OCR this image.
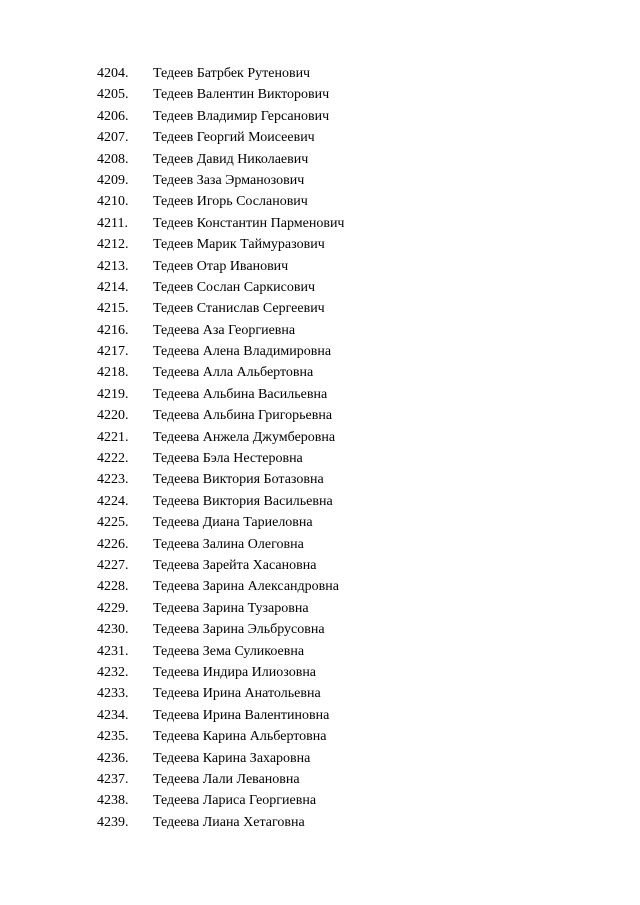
4204.	Тедеев Батрбек Рутенович
4205.	Тедеев Валентин Викторович
4206.	Тедеев Владимир Герсанович
4207.	Тедеев Георгий Моисеевич
4208.	Тедеев Давид Николаевич
4209.	Тедеев Заза Эрманозович
4210.	Тедеев Игорь Сосланович
4211.	Тедеев Константин Парменович
4212.	Тедеев Марик Таймуразович
4213.	Тедеев Отар Иванович
4214.	Тедеев Сослан Саркисович
4215.	Тедеев Станислав Сергеевич
4216.	Тедеева Аза Георгиевна
4217.	Тедеева Алена Владимировна
4218.	Тедеева Алла Альбертовна
4219.	Тедеева Альбина Васильевна
4220.	Тедеева Альбина Григорьевна
4221.	Тедеева Анжела Джумберовна
4222.	Тедеева Бэла Нестеровна
4223.	Тедеева Виктория Ботазовна
4224.	Тедеева Виктория Васильевна
4225.	Тедеева Диана Тариеловна
4226.	Тедеева Залина Олеговна
4227.	Тедеева Зарейта Хасановна
4228.	Тедеева Зарина Александровна
4229.	Тедеева Зарина Тузаровна
4230.	Тедеева Зарина Эльбрусовна
4231.	Тедеева Зема Суликоевна
4232.	Тедеева Индира Илиозовна
4233.	Тедеева Ирина Анатольевна
4234.	Тедеева Ирина Валентиновна
4235.	Тедеева Карина Альбертовна
4236.	Тедеева Карина Захаровна
4237.	Тедеева Лали Левановна
4238.	Тедеева Лариса Георгиевна
4239.	Тедеева Лиана Хетаговна
